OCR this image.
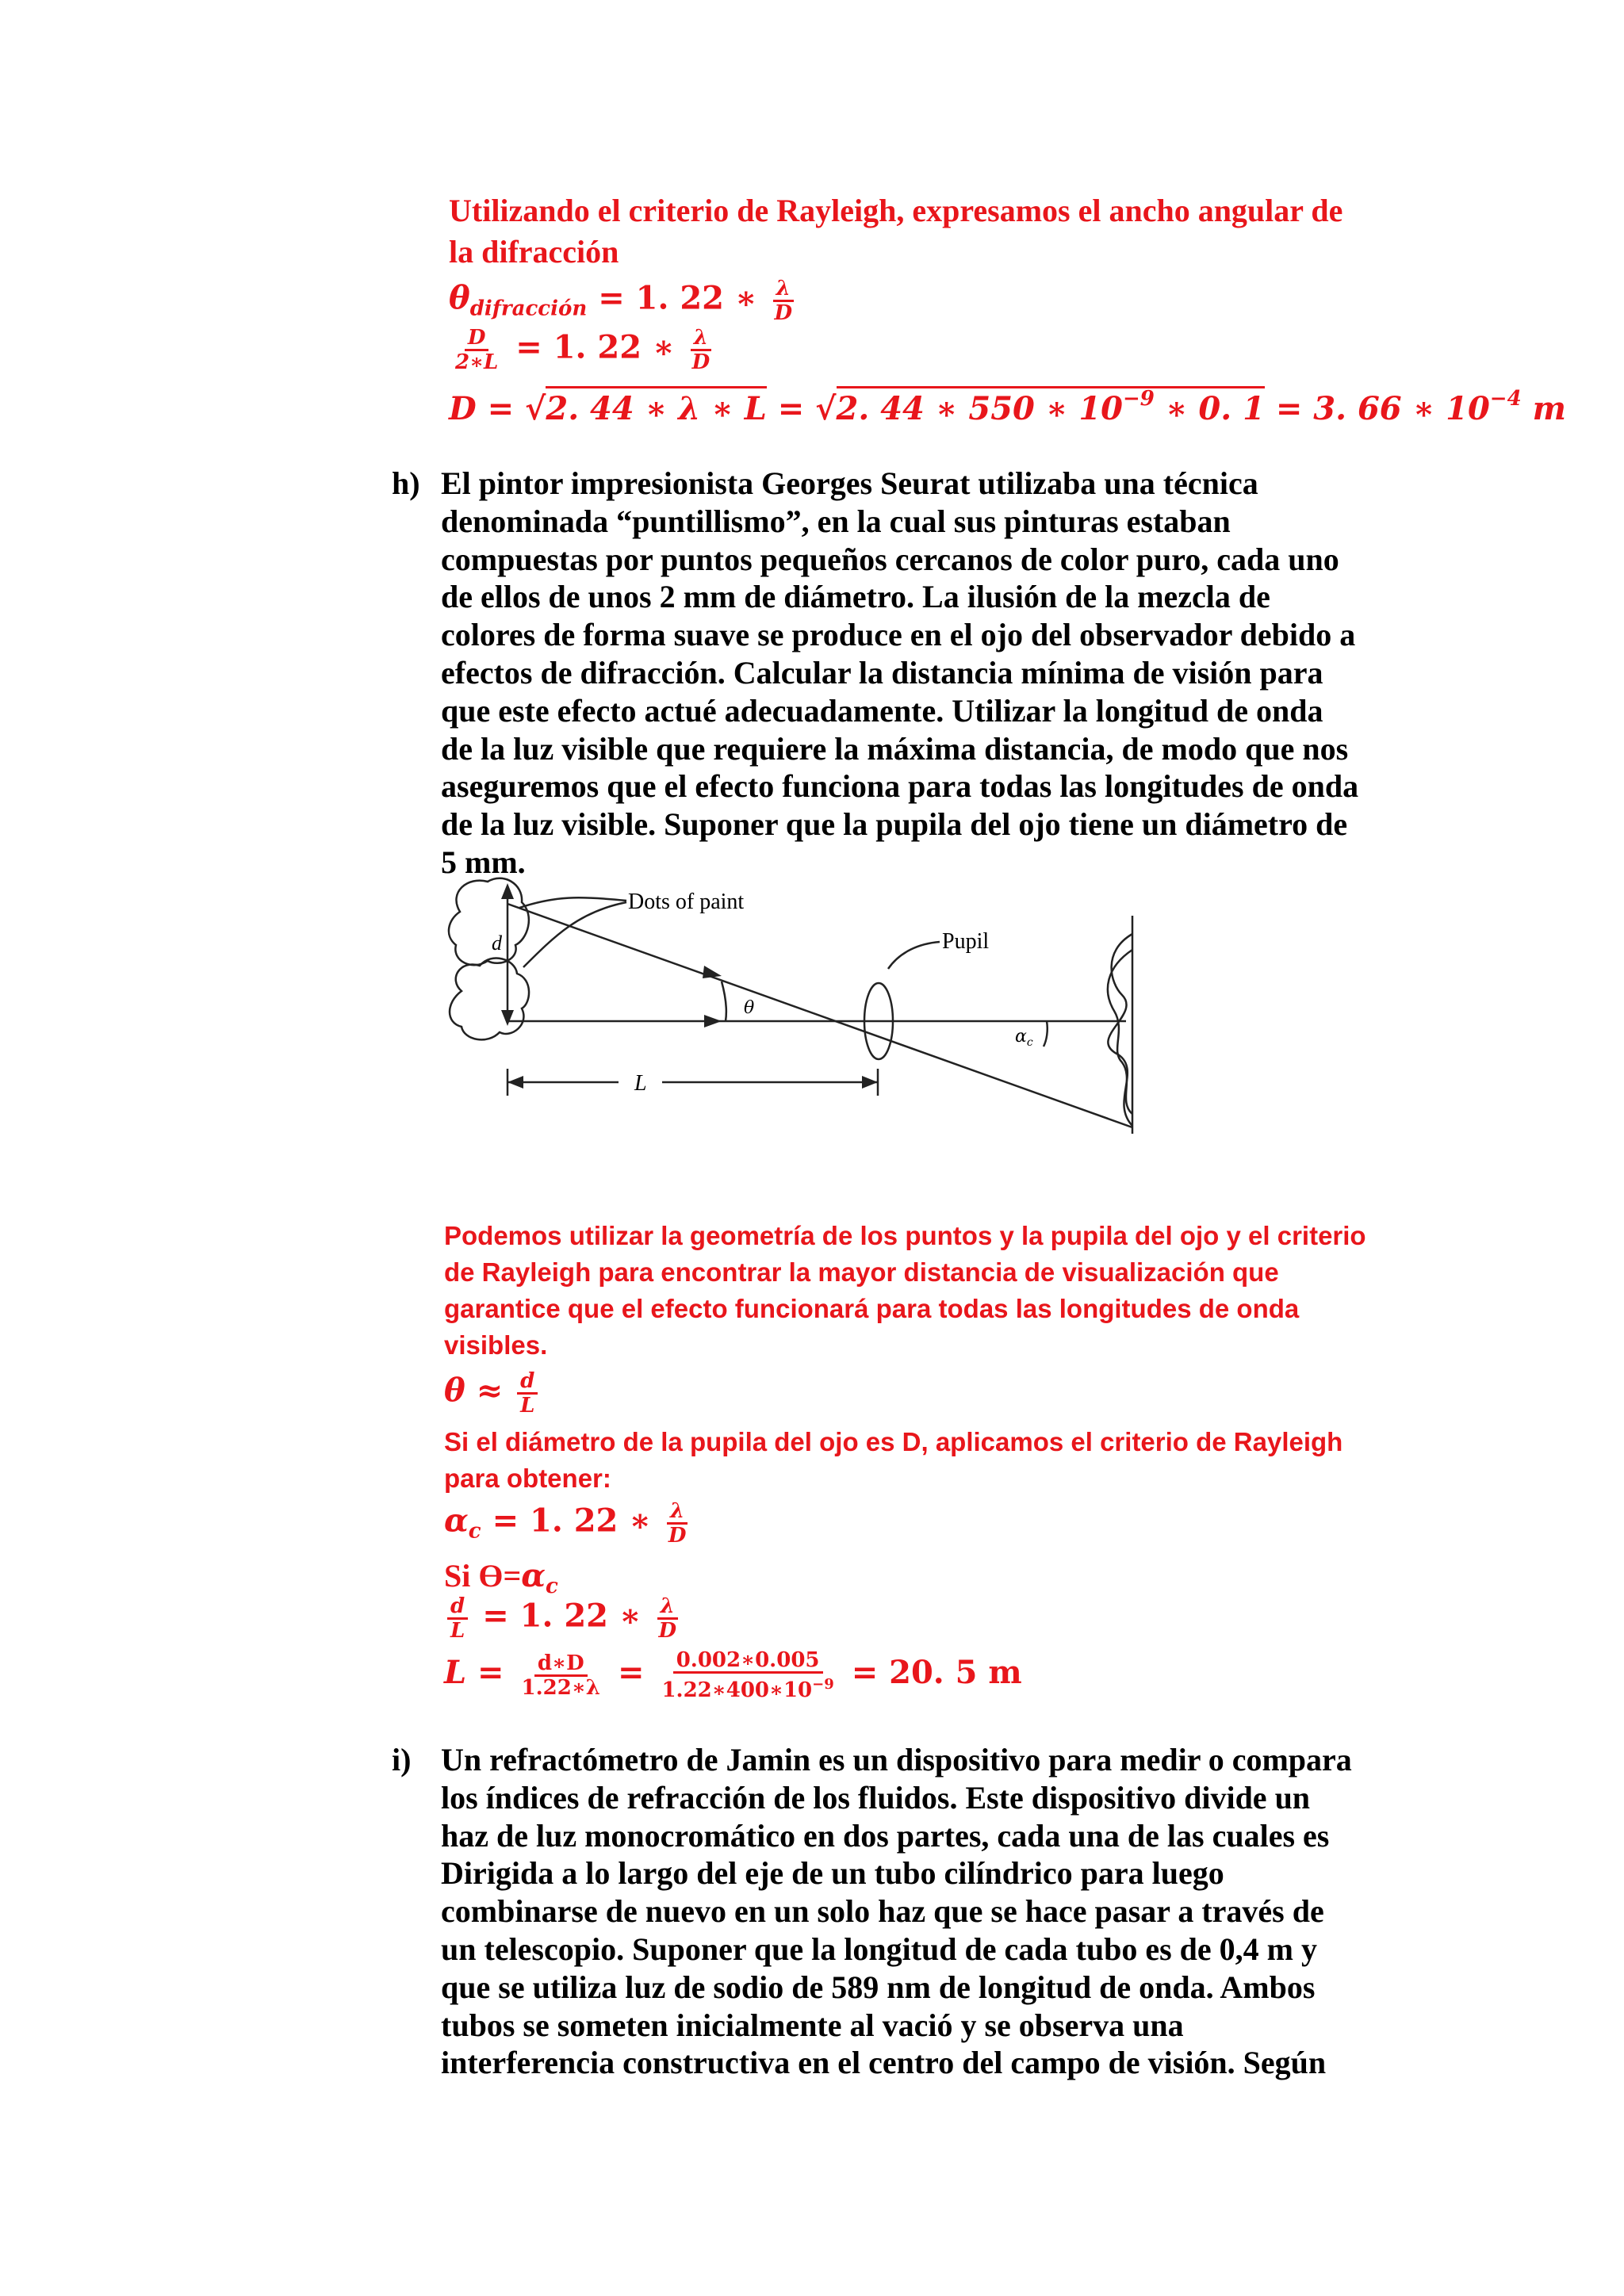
Utilizando el criterio de Rayleigh, expresamos el ancho angular de
la difracción
$\theta_{difracción} = 1$. 22 ∗ $\frac{\lambda}{D}$
$\frac{D}{2∗L} = 1$. 22 ∗ $\frac{\lambda}{D}$
D = √2. 44 ∗ λ ∗ L = √2. 44 ∗ 550 ∗ $10^{-9}$ ∗ 0. 1 = 3. 66 ∗ $10^{-4}$ m
h) El pintor impresionista Georges Seurat utilizaba una técnica
denominada “puntillismo”, en la cual sus pinturas estaban
compuestas por puntos pequeños cercanos de color puro, cada uno
de ellos de unos 2 mm de diámetro. La ilusión de la mezcla de
colores de forma suave se produce en el ojo del observador debido a
efectos de difracción. Calcular la distancia mínima de visión para
que este efecto actué adecuadamente. Utilizar la longitud de onda
de la luz visible que requiere la máxima distancia, de modo que nos
aseguremos que el efecto funciona para todas las longitudes de onda
de la luz visible. Suponer que la pupila del ojo tiene un diámetro de
5 mm.
Dots of paint
Pupil
d
θ
$\alpha_c$
L
Podemos utilizar la geometría de los puntos y la pupila del ojo y el criterio
de Rayleigh para encontrar la mayor distancia de visualización que
garantice que el efecto funcionará para todas las longitudes de onda
visibles.
$\theta \approx \frac{d}{L}$
Si el diámetro de la pupila del ojo es D, aplicamos el criterio de Rayleigh
para obtener:
$\alpha_c = 1$. 22 ∗ $\frac{\lambda}{D}$
Si $ϴ=\alpha_c$
$\frac{d}{L} = 1$. 22 ∗ $\frac{\lambda}{D}$
$L = \frac{d∗D}{1.22∗\lambda} = \frac{0.002∗0.005}{1.22∗400∗10^{-9}} = 20$. 5 m
i) Un refractómetro de Jamin es un dispositivo para medir o compara
los índices de refracción de los fluidos. Este dispositivo divide un
haz de luz monocromático en dos partes, cada una de las cuales es
Dirigida a lo largo del eje de un tubo cilíndrico para luego
combinarse de nuevo en un solo haz que se hace pasar a través de
un telescopio. Suponer que la longitud de cada tubo es de 0,4 m y
que se utiliza luz de sodio de 589 nm de longitud de onda. Ambos
tubos se someten inicialmente al vació y se observa una
interferencia constructiva en el centro del campo de visión. Según
